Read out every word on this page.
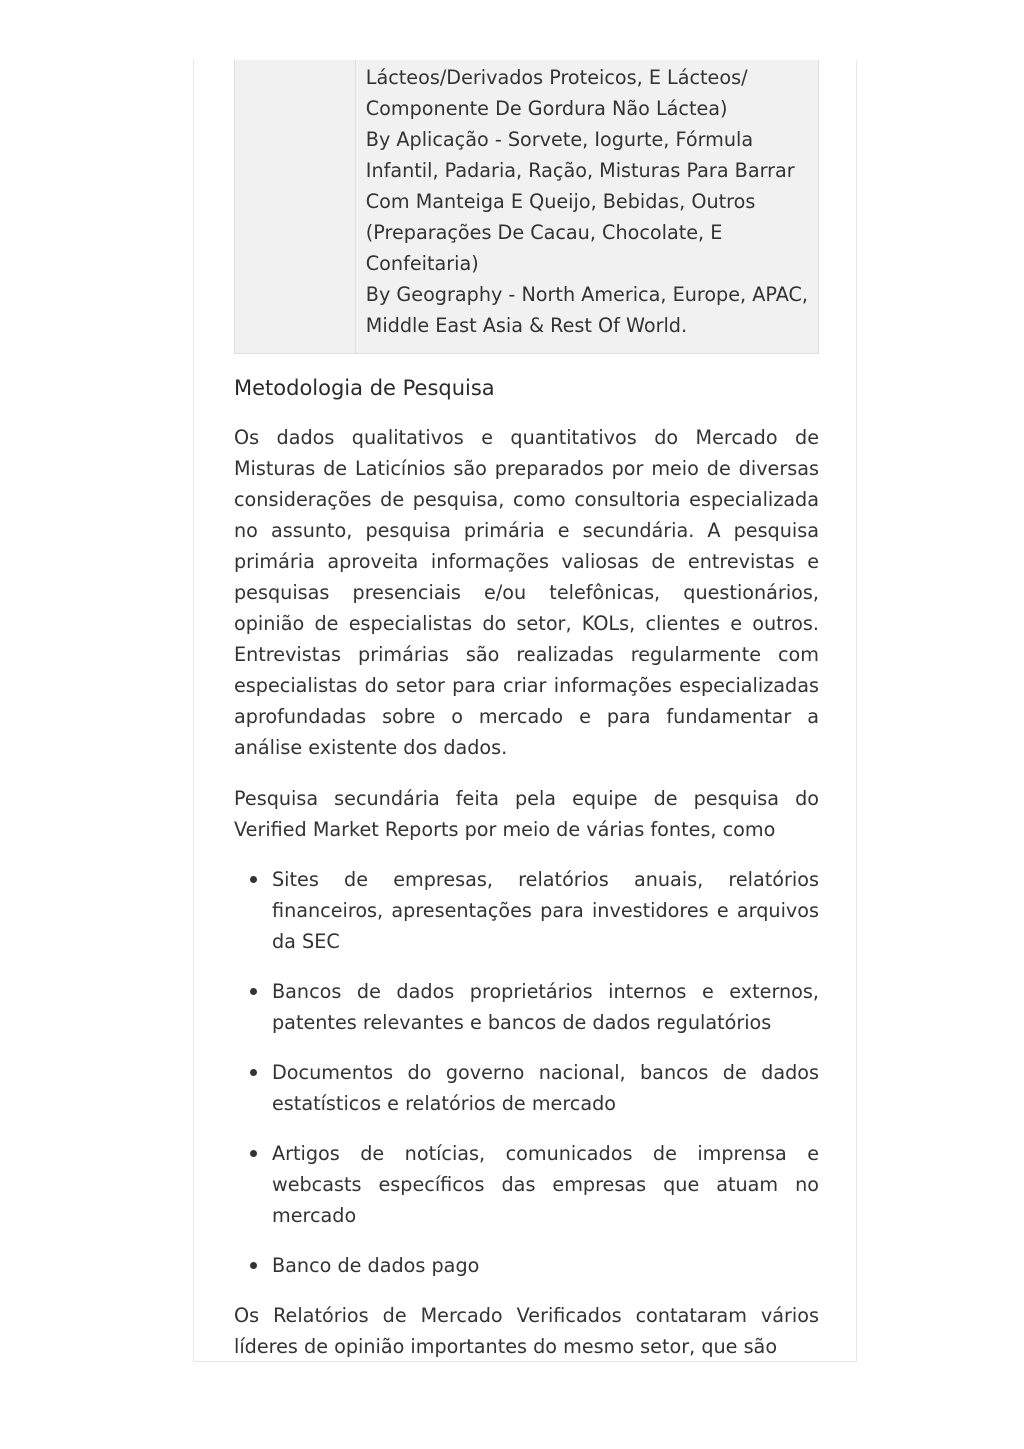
Lácteos/Derivados Proteicos, E Lácteos/
Componente De Gordura Não Láctea)
By Aplicação - Sorvete, Iogurte, Fórmula
Infantil, Padaria, Ração, Misturas Para Barrar
Com Manteiga E Queijo, Bebidas, Outros
(Preparações De Cacau, Chocolate, E
Confeitaria)
By Geography - North America, Europe, APAC,
Middle East Asia & Rest Of World.
Metodologia de Pesquisa

Os dados qualitativos e quantitativos do Mercado de Misturas de Laticínios são preparados por meio de diversas considerações de pesquisa, como consultoria especializada no assunto, pesquisa primária e secundária. A pesquisa primária aproveita informações valiosas de entrevistas e pesquisas presenciais e/ou telefônicas, questionários, opinião de especialistas do setor, KOLs, clientes e outros. Entrevistas primárias são realizadas regularmente com especialistas do setor para criar informações especializadas aprofundadas sobre o mercado e para fundamentar a análise existente dos dados.

Pesquisa secundária feita pela equipe de pesquisa do Verified Market Reports por meio de várias fontes, como

Sites de empresas, relatórios anuais, relatórios financeiros, apresentações para investidores e arquivos da SEC
Bancos de dados proprietários internos e externos, patentes relevantes e bancos de dados regulatórios
Documentos do governo nacional, bancos de dados estatísticos e relatórios de mercado
Artigos de notícias, comunicados de imprensa e webcasts específicos das empresas que atuam no mercado
Banco de dados pago

Os Relatórios de Mercado Verificados contataram vários líderes de opinião importantes do mesmo setor, que são
